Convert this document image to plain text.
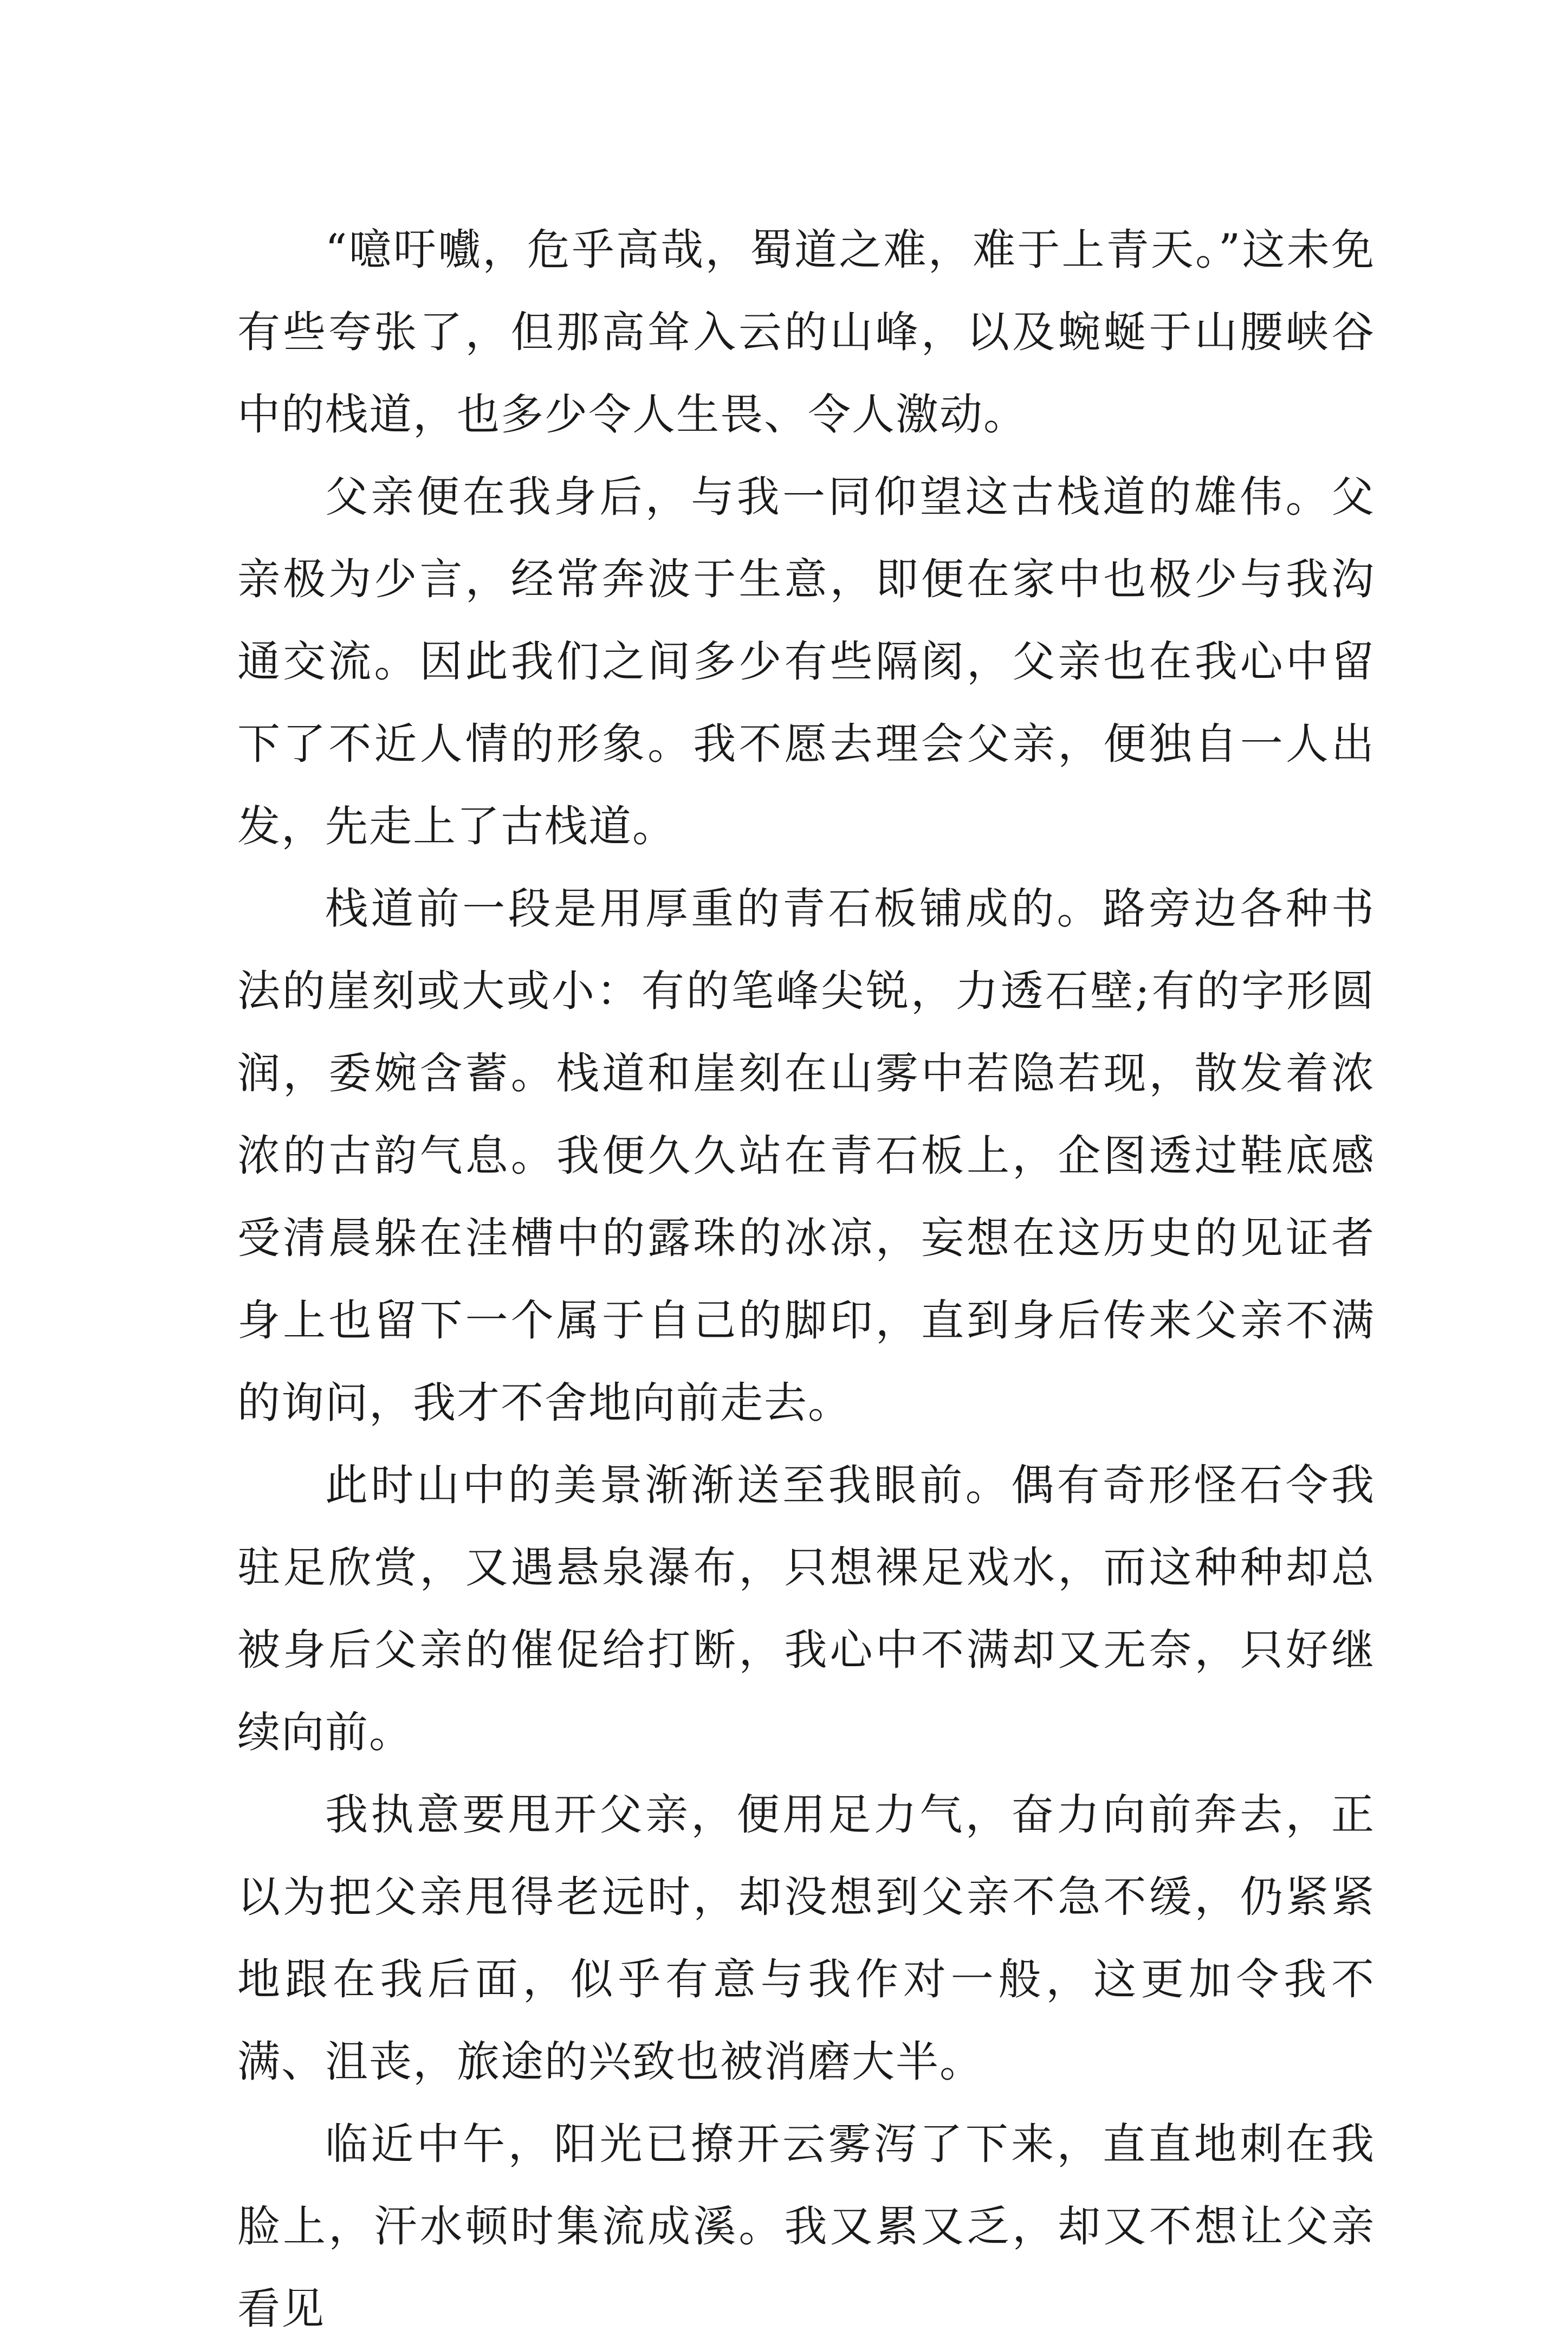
“噫吁嚱，危乎高哉，蜀道之难，难于上青天。”这未免有些夸张了，但那高耸入云的山峰，以及蜿蜒于山腰峡谷中的栈道，也多少令人生畏、令人激动。

父亲便在我身后，与我一同仰望这古栈道的雄伟。父亲极为少言，经常奔波于生意，即便在家中也极少与我沟通交流。因此我们之间多少有些隔阂，父亲也在我心中留下了不近人情的形象。我不愿去理会父亲，便独自一人出发，先走上了古栈道。

栈道前一段是用厚重的青石板铺成的。路旁边各种书法的崖刻或大或小：有的笔峰尖锐，力透石壁;有的字形圆润，委婉含蓄。栈道和崖刻在山雾中若隐若现，散发着浓浓的古韵气息。我便久久站在青石板上，企图透过鞋底感受清晨躲在洼槽中的露珠的冰凉，妄想在这历史的见证者身上也留下一个属于自己的脚印，直到身后传来父亲不满的询问，我才不舍地向前走去。

此时山中的美景渐渐送至我眼前。偶有奇形怪石令我驻足欣赏，又遇悬泉瀑布，只想裸足戏水，而这种种却总被身后父亲的催促给打断，我心中不满却又无奈，只好继续向前。

我执意要甩开父亲，便用足力气，奋力向前奔去，正以为把父亲甩得老远时，却没想到父亲不急不缓，仍紧紧地跟在我后面，似乎有意与我作对一般，这更加令我不满、沮丧，旅途的兴致也被消磨大半。

临近中午，阳光已撩开云雾泻了下来，直直地刺在我脸上，汗水顿时集流成溪。我又累又乏，却又不想让父亲看见
